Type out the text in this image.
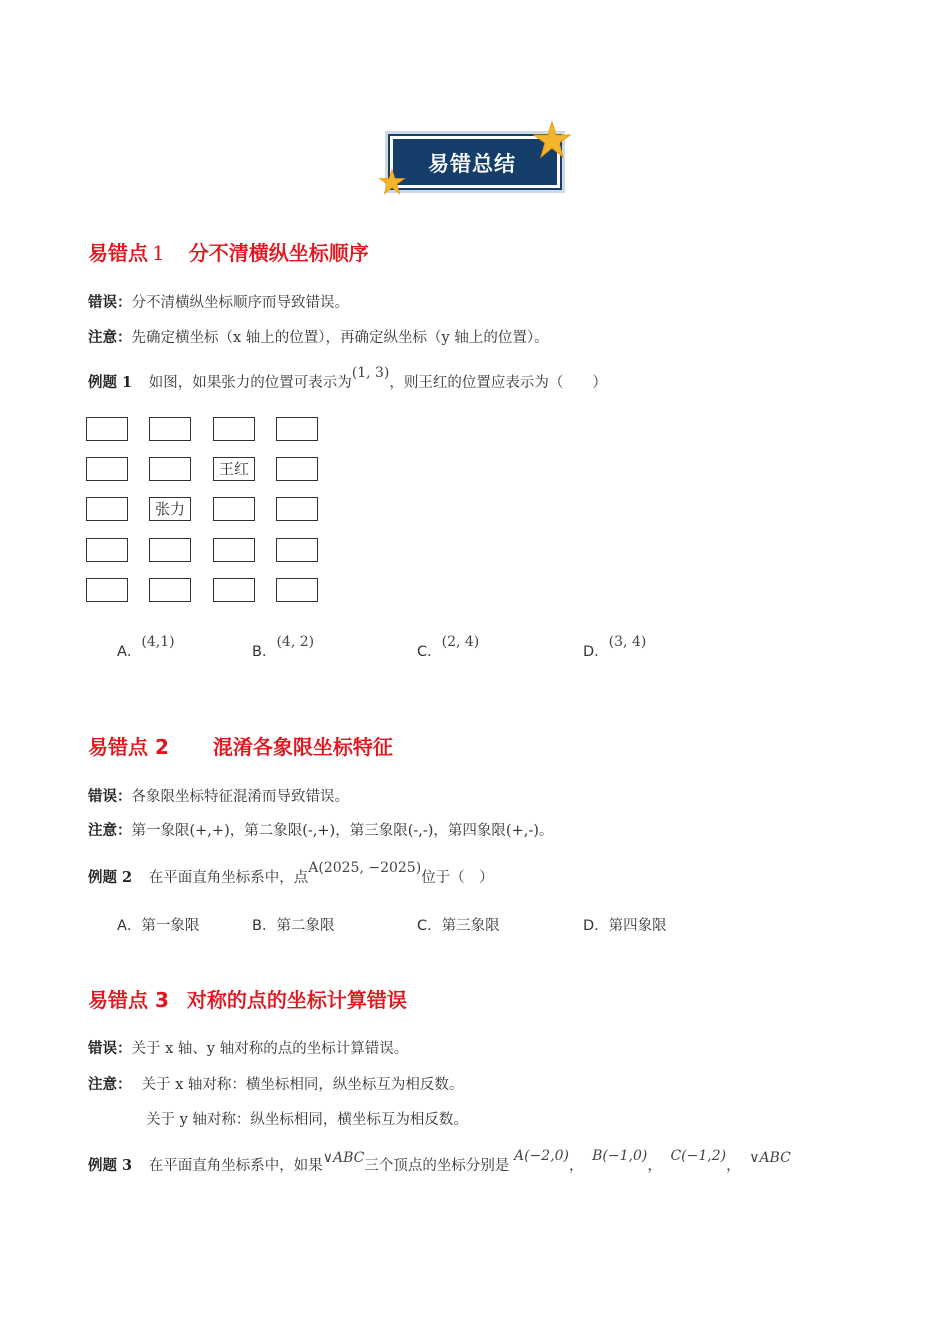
易错总结
易错点 1 分不清横纵坐标顺序
错误：分不清横纵坐标顺序而导致错误。
注意：先确定横坐标（x 轴上的位置），再确定纵坐标（y 轴上的位置）。
例题 1 如图，如果张力的位置可表示为(1, 3)，则王红的位置应表示为（　　）
王红
张力
A．(4,1)
B．(4, 2)
C．(2, 4)
D．(3, 4)
易错点 2 混淆各象限坐标特征
错误：各象限坐标特征混淆而导致错误。
注意：第一象限(+,+)，第二象限(-,+)，第三象限(-,-)，第四象限(+,-)。
例题 2 在平面直角坐标系中，点A(2025, −2025)位于（　）
A．第一象限	B．第二象限	C．第三象限	D．第四象限
易错点 3 对称的点的坐标计算错误
错误：关于 x 轴、y 轴对称的点的坐标计算错误。
注意： 关于 x 轴对称：横坐标相同，纵坐标互为相反数。
关于 y 轴对称：纵坐标相同，横坐标互为相反数。
例题 3 在平面直角坐标系中，如果∨ABC三个顶点的坐标分别是 A(−2,0)， B(−1,0)， C(−1,2)， ∨ABC
